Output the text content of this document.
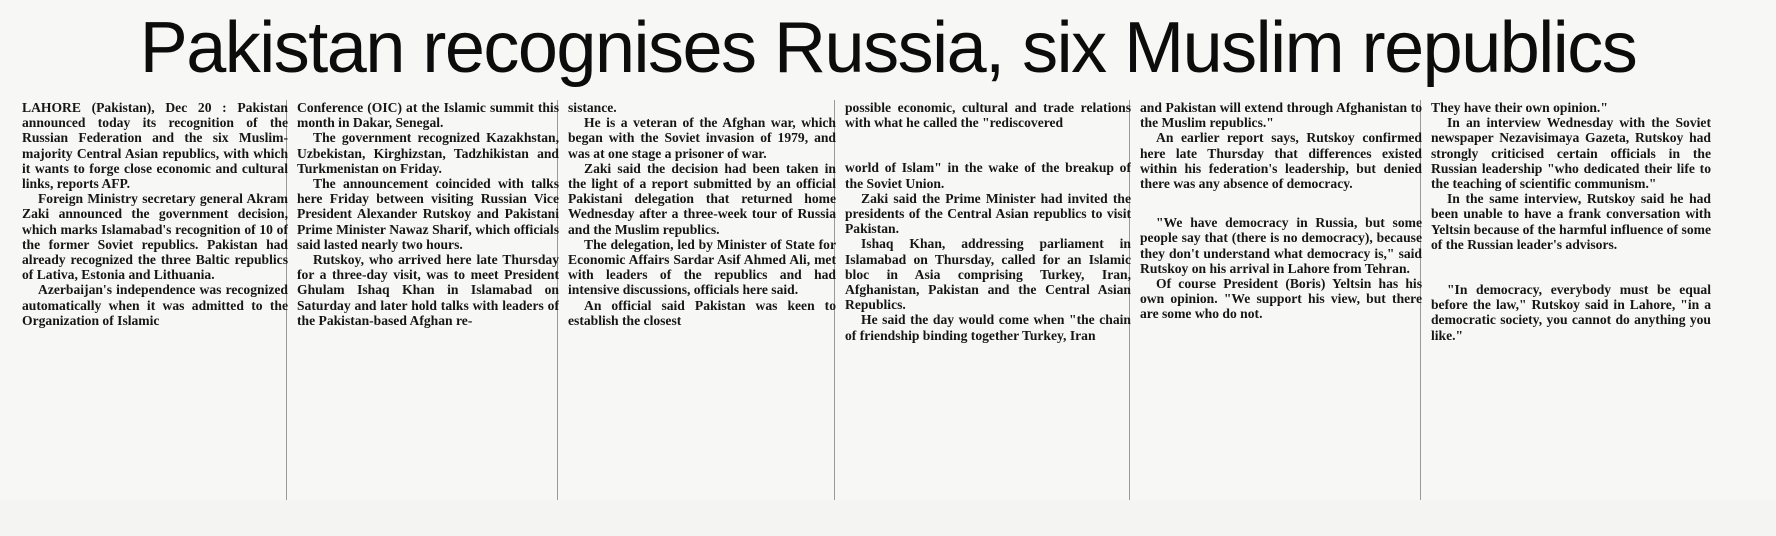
Pakistan recognises Russia, six Muslim republics

LAHORE (Pakistan), Dec 20 : Pakistan announced today its recognition of the Russian Federation and the six Muslim-majority Central Asian republics, with which it wants to forge close economic and cultural links, reports AFP.

Foreign Ministry secretary general Akram Zaki announced the government decision, which marks Islamabad's recognition of 10 of the former Soviet republics. Pakistan had already recognized the three Baltic republics of Lativa, Estonia and Lithuania.

Azerbaijan's independence was recognized automatically when it was admitted to the Organization of Islamic

Conference (OIC) at the Islamic summit this month in Dakar, Senegal.

The government recognized Kazakhstan, Uzbekistan, Kirghizstan, Tadzhikistan and Turkmenistan on Friday.

The announcement coincided with talks here Friday between visiting Russian Vice President Alexander Rutskoy and Pakistani Prime Minister Nawaz Sharif, which officials said lasted nearly two hours.

Rutskoy, who arrived here late Thursday for a three-day visit, was to meet President Ghulam Ishaq Khan in Islamabad on Saturday and later hold talks with leaders of the Pakistan-based Afghan re-

sistance.

He is a veteran of the Afghan war, which began with the Soviet invasion of 1979, and was at one stage a prisoner of war.

Zaki said the decision had been taken in the light of a report submitted by an official Pakistani delegation that returned home Wednesday after a three-week tour of Russia and the Muslim republics.

The delegation, led by Minister of State for Economic Affairs Sardar Asif Ahmed Ali, met with leaders of the republics and had intensive discussions, officials here said.

An official said Pakistan was keen to establish the closest

possible economic, cultural and trade relations with what he called the "rediscovered

world of Islam" in the wake of the breakup of the Soviet Union.

Zaki said the Prime Minister had invited the presidents of the Central Asian republics to visit Pakistan.

Ishaq Khan, addressing parliament in Islamabad on Thursday, called for an Islamic bloc in Asia comprising Turkey, Iran, Afghanistan, Pakistan and the Central Asian Republics.

He said the day would come when "the chain of friendship binding together Turkey, Iran

and Pakistan will extend through Afghanistan to the Muslim republics."

An earlier report says, Rutskoy confirmed here late Thursday that differences existed within his federation's leadership, but denied there was any absence of democracy.

"We have democracy in Russia, but some people say that (there is no democracy), because they don't understand what democracy is," said Rutskoy on his arrival in Lahore from Tehran.

Of course President (Boris) Yeltsin has his own opinion. "We support his view, but there are some who do not.

They have their own opinion."

In an interview Wednesday with the Soviet newspaper Nezavisimaya Gazeta, Rutskoy had strongly criticised certain officials in the Russian leadership "who dedicated their life to the teaching of scientific communism."

In the same interview, Rutskoy said he had been unable to have a frank conversation with Yeltsin because of the harmful influence of some of the Russian leader's advisors.

"In democracy, everybody must be equal before the law," Rutskoy said in Lahore, "in a democratic society, you cannot do anything you like."
